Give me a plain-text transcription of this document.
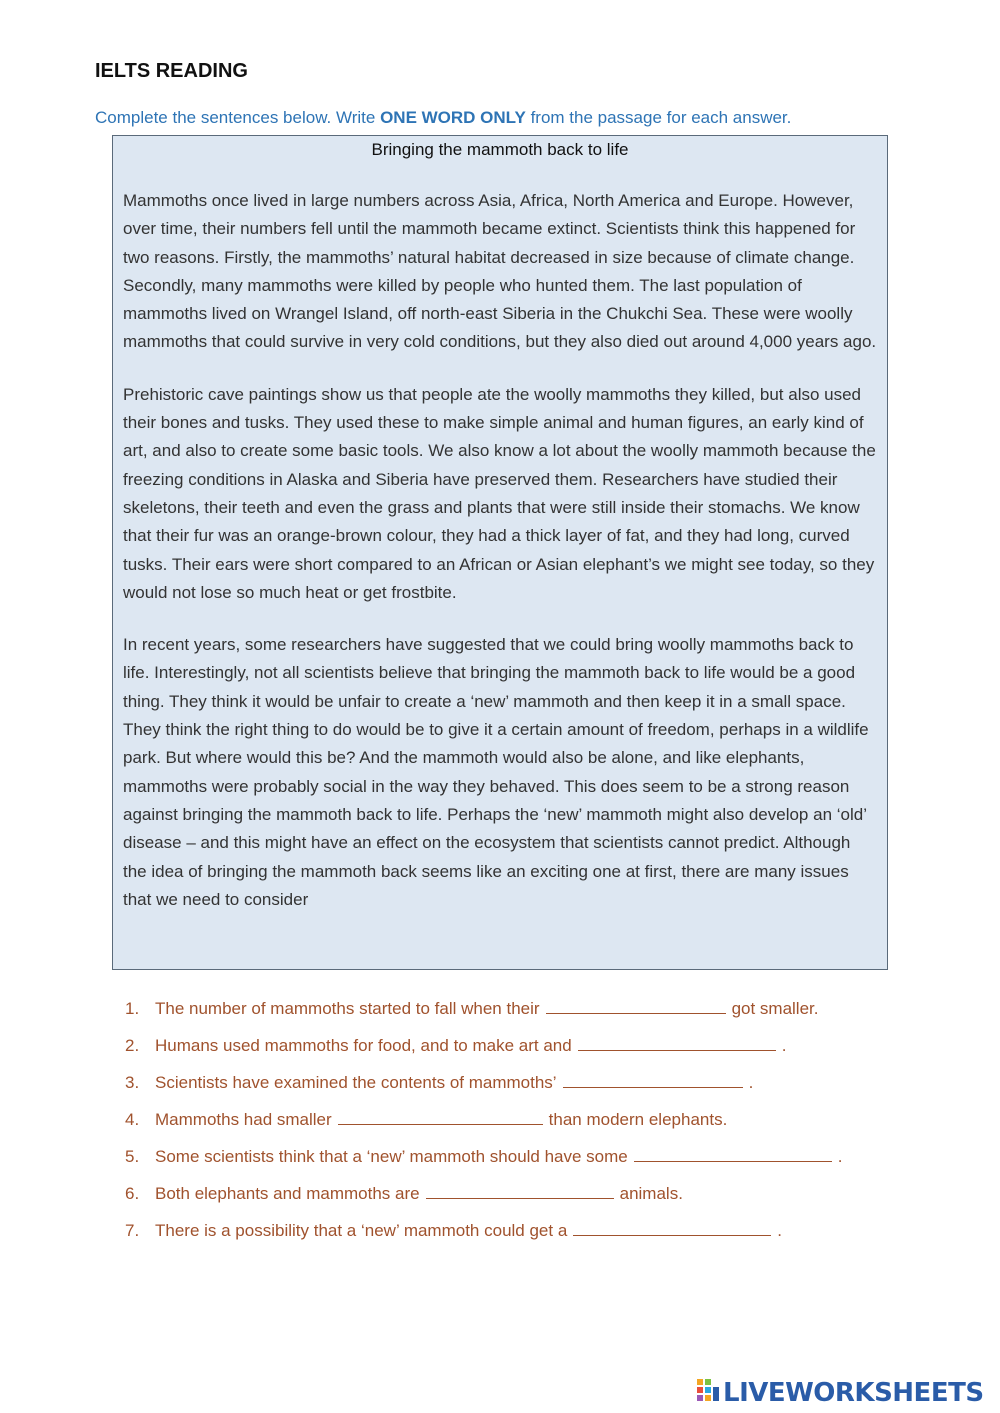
IELTS READING
Complete the sentences below. Write ONE WORD ONLY from the passage for each answer.
Bringing the mammoth back to life

Mammoths once lived in large numbers across Asia, Africa, North America and Europe. However, over time, their numbers fell until the mammoth became extinct. Scientists think this happened for two reasons. Firstly, the mammoths’ natural habitat decreased in size because of climate change. Secondly, many mammoths were killed by people who hunted them. The last population of mammoths lived on Wrangel Island, off north-east Siberia in the Chukchi Sea. These were woolly mammoths that could survive in very cold conditions, but they also died out around 4,000 years ago.

Prehistoric cave paintings show us that people ate the woolly mammoths they killed, but also used their bones and tusks. They used these to make simple animal and human figures, an early kind of art, and also to create some basic tools. We also know a lot about the woolly mammoth because the freezing conditions in Alaska and Siberia have preserved them. Researchers have studied their skeletons, their teeth and even the grass and plants that were still inside their stomachs. We know that their fur was an orange-brown colour, they had a thick layer of fat, and they had long, curved tusks. Their ears were short compared to an African or Asian elephant’s we might see today, so they would not lose so much heat or get frostbite.

In recent years, some researchers have suggested that we could bring woolly mammoths back to life. Interestingly, not all scientists believe that bringing the mammoth back to life would be a good thing. They think it would be unfair to create a ‘new’ mammoth and then keep it in a small space. They think the right thing to do would be to give it a certain amount of freedom, perhaps in a wildlife park. But where would this be? And the mammoth would also be alone, and like elephants, mammoths were probably social in the way they behaved. This does seem to be a strong reason against bringing the mammoth back to life. Perhaps the ‘new’ mammoth might also develop an ‘old’ disease – and this might have an effect on the ecosystem that scientists cannot predict. Although the idea of bringing the mammoth back seems like an exciting one at first, there are many issues that we need to consider

1. The number of mammoths started to fall when their	got smaller.
2. Humans used mammoths for food, and to make art and	.
3. Scientists have examined the contents of mammoths’	.
4. Mammoths had smaller	than modern elephants.
5. Some scientists think that a ‘new’ mammoth should have some	.
6. Both elephants and mammoths are	animals.
7. There is a possibility that a ‘new’ mammoth could get a	.
LIVEWORKSHEETS
